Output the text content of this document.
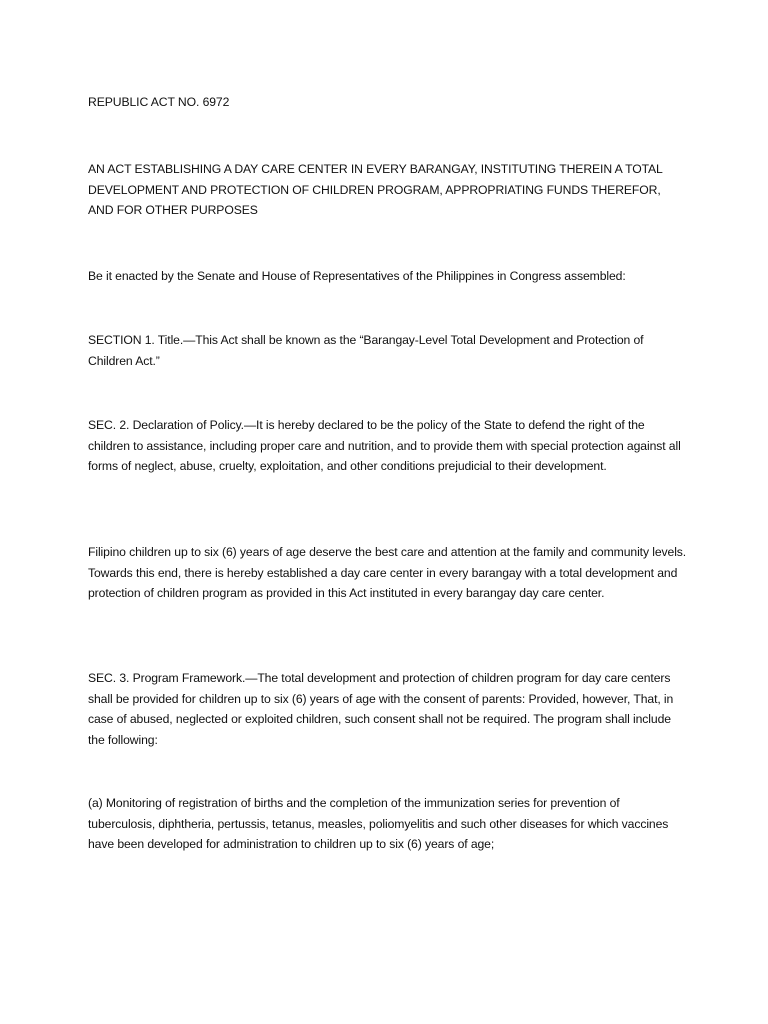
REPUBLIC ACT NO. 6972

AN ACT ESTABLISHING A DAY CARE CENTER IN EVERY BARANGAY, INSTITUTING THEREIN A TOTAL DEVELOPMENT AND PROTECTION OF CHILDREN PROGRAM, APPROPRIATING FUNDS THEREFOR, AND FOR OTHER PURPOSES

Be it enacted by the Senate and House of Representatives of the Philippines in Congress assembled:

SECTION 1. Title.—This Act shall be known as the “Barangay-Level Total Development and Protection of Children Act.”

SEC. 2. Declaration of Policy.—It is hereby declared to be the policy of the State to defend the right of the children to assistance, including proper care and nutrition, and to provide them with special protection against all forms of neglect, abuse, cruelty, exploitation, and other conditions prejudicial to their development.

Filipino children up to six (6) years of age deserve the best care and attention at the family and community levels. Towards this end, there is hereby established a day care center in every barangay with a total development and protection of children program as provided in this Act instituted in every barangay day care center.

SEC. 3. Program Framework.—The total development and protection of children program for day care centers shall be provided for children up to six (6) years of age with the consent of parents: Provided, however, That, in case of abused, neglected or exploited children, such consent shall not be required. The program shall include the following:

(a) Monitoring of registration of births and the completion of the immunization series for prevention of tuberculosis, diphtheria, pertussis, tetanus, measles, poliomyelitis and such other diseases for which vaccines have been developed for administration to children up to six (6) years of age;
